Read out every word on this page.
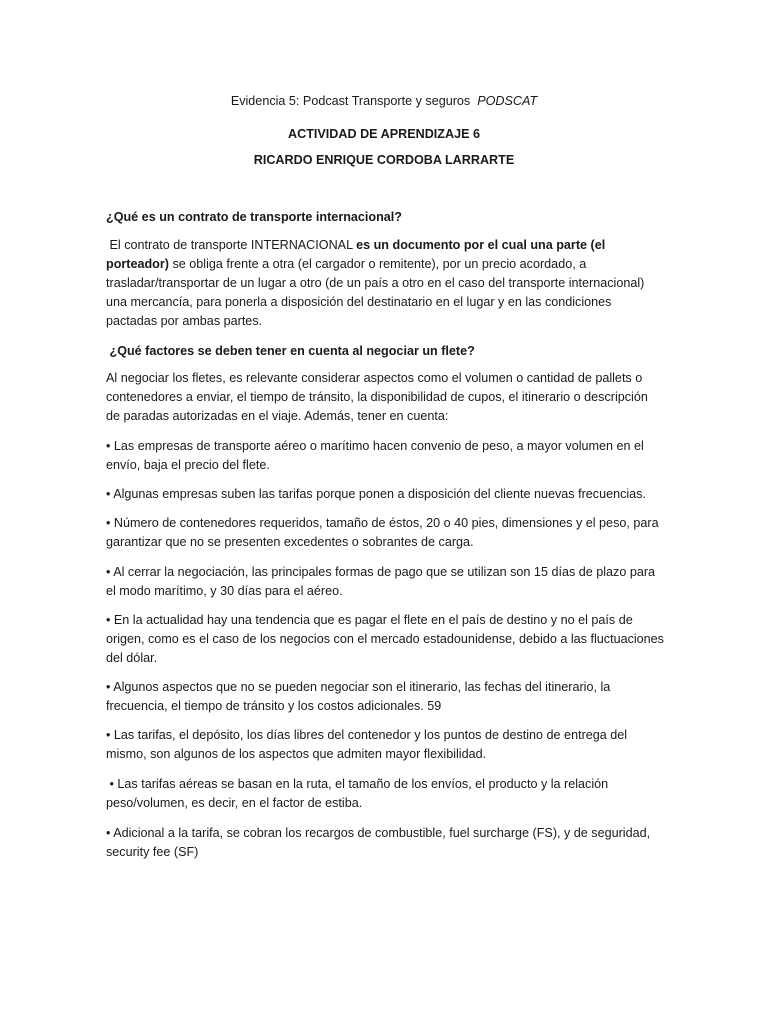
Evidencia 5: Podcast Transporte y seguros PODSCAT
ACTIVIDAD DE APRENDIZAJE 6
RICARDO ENRIQUE CORDOBA LARRARTE
¿Qué es un contrato de transporte internacional?
El contrato de transporte INTERNACIONAL es un documento por el cual una parte (el
porteador) se obliga frente a otra (el cargador o remitente), por un precio acordado, a
trasladar/transportar de un lugar a otro (de un país a otro en el caso del transporte internacional)
una mercancía, para ponerla a disposición del destinatario en el lugar y en las condiciones
pactadas por ambas partes.
¿Qué factores se deben tener en cuenta al negociar un flete?
Al negociar los fletes, es relevante considerar aspectos como el volumen o cantidad de pallets o
contenedores a enviar, el tiempo de tránsito, la disponibilidad de cupos, el itinerario o descripción
de paradas autorizadas en el viaje. Además, tener en cuenta:
• Las empresas de transporte aéreo o marítimo hacen convenio de peso, a mayor volumen en el
envío, baja el precio del flete.
• Algunas empresas suben las tarifas porque ponen a disposición del cliente nuevas frecuencias.
• Número de contenedores requeridos, tamaño de éstos, 20 o 40 pies, dimensiones y el peso, para
garantizar que no se presenten excedentes o sobrantes de carga.
• Al cerrar la negociación, las principales formas de pago que se utilizan son 15 días de plazo para
el modo marítimo, y 30 días para el aéreo.
• En la actualidad hay una tendencia que es pagar el flete en el país de destino y no el país de
origen, como es el caso de los negocios con el mercado estadounidense, debido a las fluctuaciones
del dólar.
• Algunos aspectos que no se pueden negociar son el itinerario, las fechas del itinerario, la
frecuencia, el tiempo de tránsito y los costos adicionales. 59
• Las tarifas, el depósito, los días libres del contenedor y los puntos de destino de entrega del
mismo, son algunos de los aspectos que admiten mayor flexibilidad.
• Las tarifas aéreas se basan en la ruta, el tamaño de los envíos, el producto y la relación
peso/volumen, es decir, en el factor de estiba.
• Adicional a la tarifa, se cobran los recargos de combustible, fuel surcharge (FS), y de seguridad,
security fee (SF)
